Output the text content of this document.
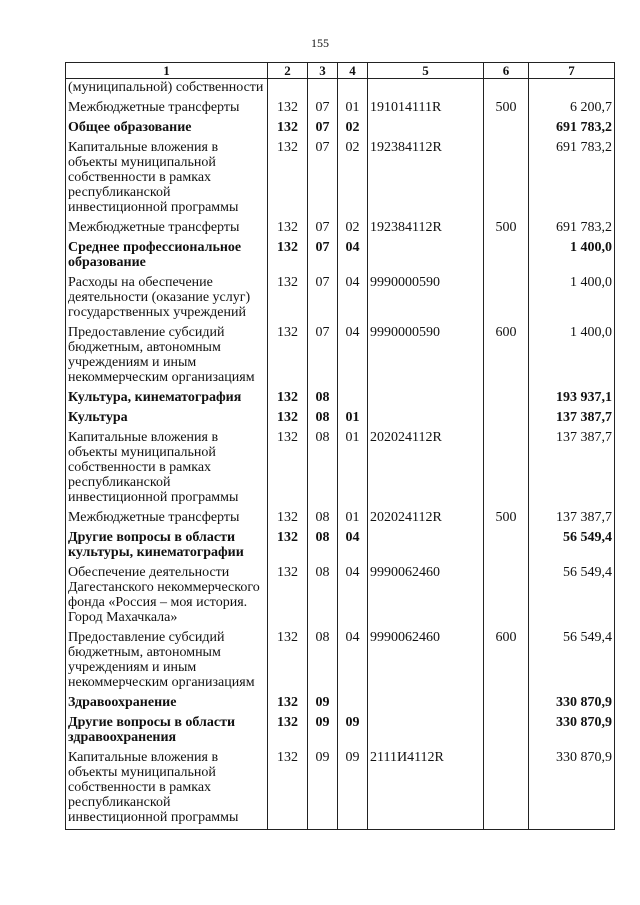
155
1	2	3	4	5	6	7
(муниципальной) собственности						
Межбюджетные трансферты	132	07	01	191014111R	500	6 200,7
Общее образование	132	07	02			691 783,2
Капитальные вложения в объекты муниципальной собственности в рамках республиканской инвестиционной программы	132	07	02	192384112R		691 783,2
Межбюджетные трансферты	132	07	02	192384112R	500	691 783,2
Среднее профессиональное образование	132	07	04			1 400,0
Расходы на обеспечение деятельности (оказание услуг) государственных учреждений	132	07	04	9990000590		1 400,0
Предоставление субсидий бюджетным, автономным учреждениям и иным некоммерческим организациям	132	07	04	9990000590	600	1 400,0
Культура, кинематография	132	08				193 937,1
Культура	132	08	01			137 387,7
Капитальные вложения в объекты муниципальной собственности в рамках республиканской инвестиционной программы	132	08	01	202024112R		137 387,7
Межбюджетные трансферты	132	08	01	202024112R	500	137 387,7
Другие вопросы в области культуры, кинематографии	132	08	04			56 549,4
Обеспечение деятельности Дагестанского некоммерческого фонда «Россия – моя история. Город Махачкала»	132	08	04	9990062460		56 549,4
Предоставление субсидий бюджетным, автономным учреждениям и иным некоммерческим организациям	132	08	04	9990062460	600	56 549,4
Здравоохранение	132	09				330 870,9
Другие вопросы в области здравоохранения	132	09	09			330 870,9
Капитальные вложения в объекты муниципальной собственности в рамках республиканской инвестиционной программы	132	09	09	2111И4112R		330 870,9
